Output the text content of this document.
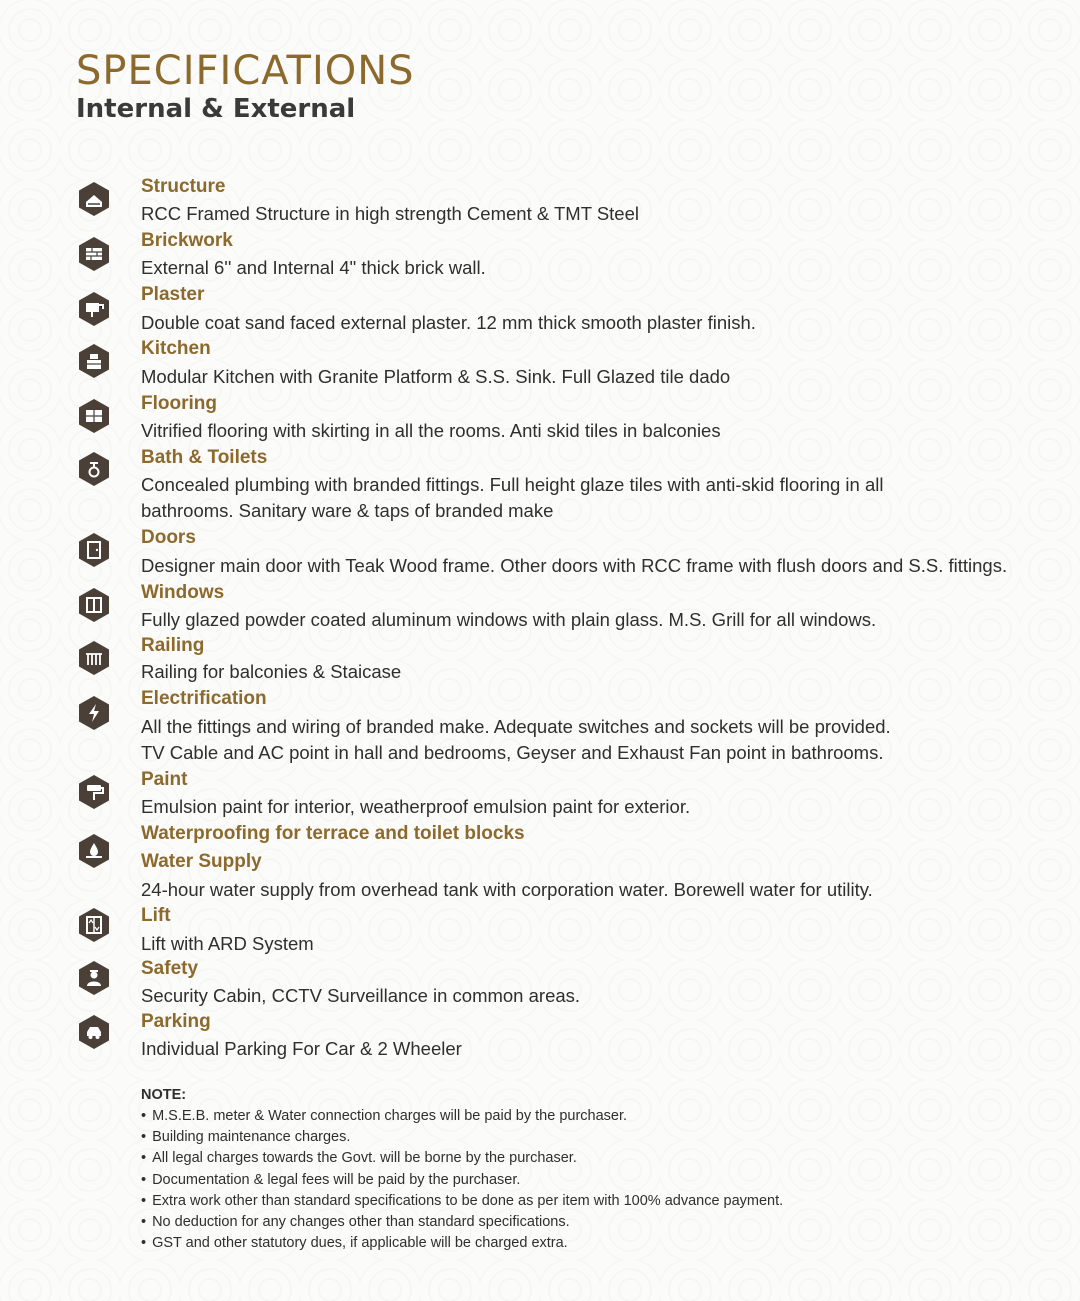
SPECIFICATIONS
Internal & External
Structure
RCC Framed Structure in high strength Cement & TMT Steel
Brickwork
External 6'' and Internal 4" thick brick wall.
Plaster
Double coat sand faced external plaster. 12 mm thick smooth plaster finish.
Kitchen
Modular Kitchen with Granite Platform & S.S. Sink. Full Glazed tile dado
Flooring
Vitrified flooring with skirting in all the rooms. Anti skid tiles in balconies
Bath & Toilets
Concealed plumbing with branded fittings. Full height glaze tiles with anti-skid flooring in all
bathrooms. Sanitary ware & taps of branded make
Doors
Designer main door with Teak Wood frame. Other doors with RCC frame with flush doors and S.S. fittings.
Windows
Fully glazed powder coated aluminum windows with plain glass. M.S. Grill for all windows.
Railing
Railing for balconies & Staicase
Electrification
All the fittings and wiring of branded make. Adequate switches and sockets will be provided.
TV Cable and AC point in hall and bedrooms, Geyser and Exhaust Fan point in bathrooms.
Paint
Emulsion paint for interior, weatherproof emulsion paint for exterior.
Waterproofing for terrace and toilet blocks
Water Supply
24-hour water supply from overhead tank with corporation water. Borewell water for utility.
Lift
Lift with ARD System
Safety
Security Cabin, CCTV Surveillance in common areas.
Parking
Individual Parking For Car & 2 Wheeler

NOTE:

• M.S.E.B. meter & Water connection charges will be paid by the purchaser.
• Building maintenance charges.
• All legal charges towards the Govt. will be borne by the purchaser.
• Documentation & legal fees will be paid by the purchaser.
• Extra work other than standard specifications to be done as per item with 100% advance payment.
• No deduction for any changes other than standard specifications.
• GST and other statutory dues, if applicable will be charged extra.
